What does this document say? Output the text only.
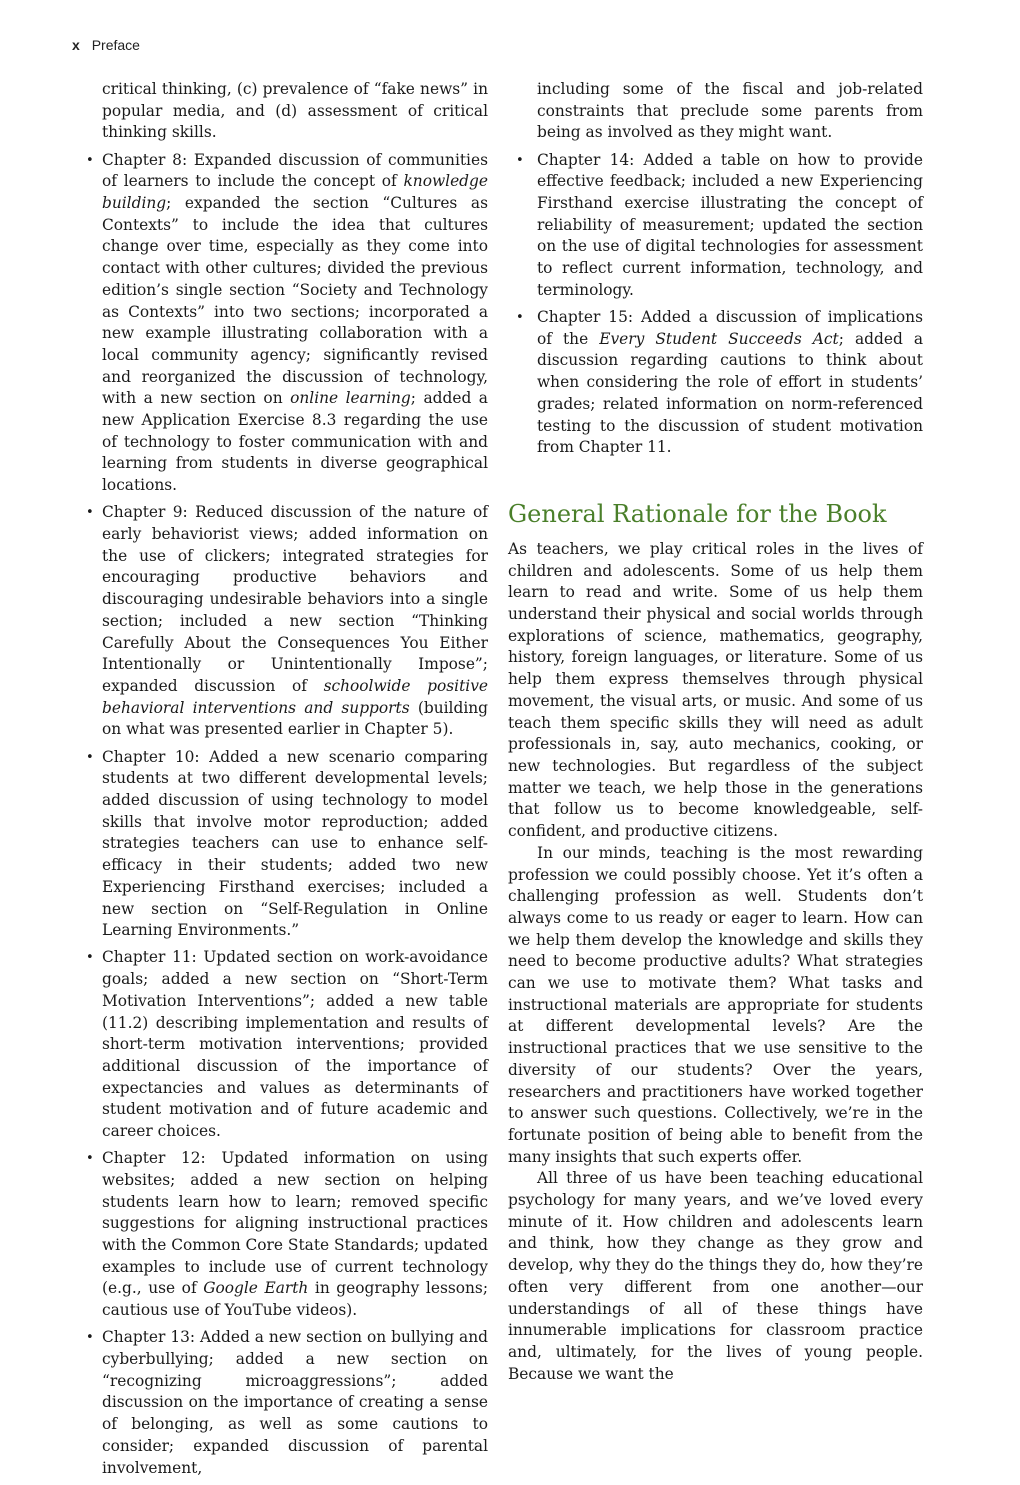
x Preface

critical thinking, (c) prevalence of “fake news” in popular media, and (d) assessment of critical thinking skills.

• Chapter 8: Expanded discussion of communities of learners to include the concept of knowledge building; expanded the section “Cultures as Contexts” to include the idea that cultures change over time, especially as they come into contact with other cultures; divided the previous edition’s single section “Society and Technology as Contexts” into two sections; incorporated a new example illustrating collaboration with a local community agency; significantly revised and reorganized the discussion of technology, with a new section on online learning; added a new Application Exercise 8.3 regarding the use of technology to foster communication with and learning from students in diverse geographical locations.
• Chapter 9: Reduced discussion of the nature of early behaviorist views; added information on the use of clickers; integrated strategies for encouraging productive behaviors and discouraging undesirable behaviors into a single section; included a new section “Thinking Carefully About the Consequences You Either Intentionally or Unintentionally Impose”; expanded discussion of schoolwide positive behavioral interventions and supports (building on what was presented earlier in Chapter 5).
• Chapter 10: Added a new scenario comparing students at two different developmental levels; added discussion of using technology to model skills that involve motor reproduction; added strategies teachers can use to enhance self-efficacy in their students; added two new Experiencing Firsthand exercises; included a new section on “Self-Regulation in Online Learning Environments.”
• Chapter 11: Updated section on work-avoidance goals; added a new section on “Short-Term Motivation Interventions”; added a new table (11.2) describing implementation and results of short-term motivation interventions; provided additional discussion of the importance of expectancies and values as determinants of student motivation and of future academic and career choices.
• Chapter 12: Updated information on using websites; added a new section on helping students learn how to learn; removed specific suggestions for aligning instructional practices with the Common Core State Standards; updated examples to include use of current technology (e.g., use of Google Earth in geography lessons; cautious use of YouTube videos).
• Chapter 13: Added a new section on bullying and cyberbullying; added a new section on “recognizing microaggressions”; added discussion on the importance of creating a sense of belonging, as well as some cautions to consider; expanded discussion of parental involvement,

including some of the fiscal and job-related constraints that preclude some parents from being as involved as they might want.

• Chapter 14: Added a table on how to provide effective feedback; included a new Experiencing Firsthand exercise illustrating the concept of reliability of measurement; updated the section on the use of digital technologies for assessment to reflect current information, technology, and terminology.
• Chapter 15: Added a discussion of implications of the Every Student Succeeds Act; added a discussion regarding cautions to think about when considering the role of effort in students’ grades; related information on norm-referenced testing to the discussion of student motivation from Chapter 11.
General Rationale for the Book

As teachers, we play critical roles in the lives of children and adolescents. Some of us help them learn to read and write. Some of us help them understand their physical and social worlds through explorations of science, mathematics, geography, history, foreign languages, or literature. Some of us help them express themselves through physical movement, the visual arts, or music. And some of us teach them specific skills they will need as adult professionals in, say, auto mechanics, cooking, or new technologies. But regardless of the subject matter we teach, we help those in the generations that follow us to become knowledgeable, self-confident, and productive citizens.

In our minds, teaching is the most rewarding profession we could possibly choose. Yet it’s often a challenging profession as well. Students don’t always come to us ready or eager to learn. How can we help them develop the knowledge and skills they need to become productive adults? What strategies can we use to motivate them? What tasks and instructional materials are appropriate for students at different developmental levels? Are the instructional practices that we use sensitive to the diversity of our students? Over the years, researchers and practitioners have worked together to answer such questions. Collectively, we’re in the fortunate position of being able to benefit from the many insights that such experts offer.

All three of us have been teaching educational psychology for many years, and we’ve loved every minute of it. How children and adolescents learn and think, how they change as they grow and develop, why they do the things they do, how they’re often very different from one another—our understandings of all of these things have innumerable implications for classroom practice and, ultimately, for the lives of young people. Because we want the
